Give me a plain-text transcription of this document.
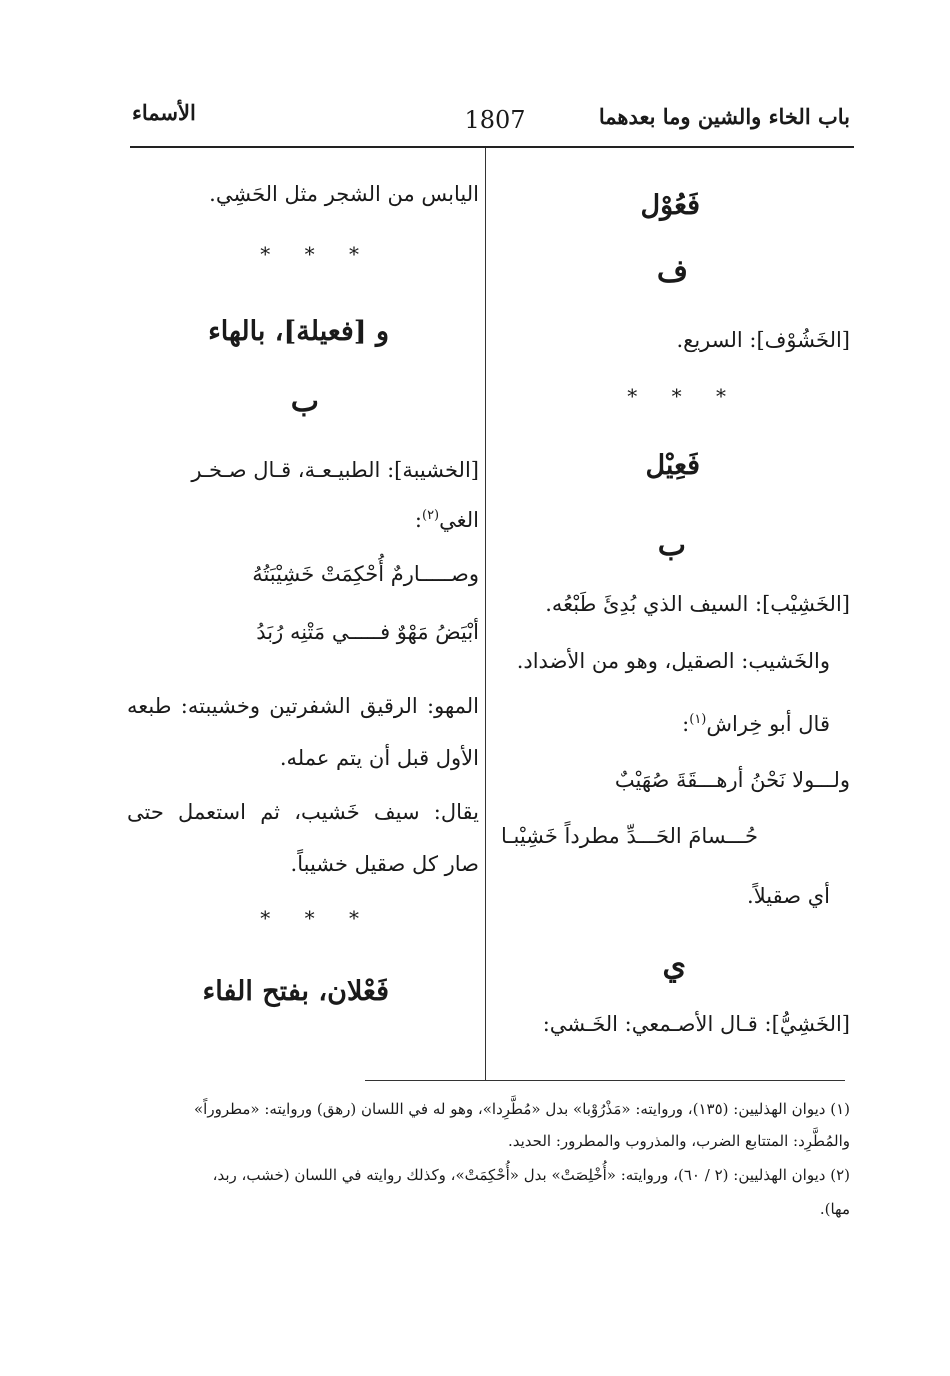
الأسماء	1807	باب الخاء والشين وما بعدهما
فَعُوْل
ف
[الخَشُوْف]: السريع.
* * *
فَعِيْل
ب
[الخَشِيْب]: السيف الذي بُدِئَ طَبْعُه.
والخَشيب: الصقيل، وهو من الأضداد.
قال أبو خِراش$^{(١)}$:
ولـــولا نَحْنُ أرهـــقَةَ صُهَيْبٌ
حُـــسامَ الحَـــدِّ مطرداً خَشِيْبـا
أي صقيلاً.
ي
[الخَشِيُّ]: قـال الأصـمعي: الخَـشي:
اليابس من الشجر مثل الحَشِي.
* * *
و [فعيلة]، بالهاء
ب
[الخشيبة]: الطبيـعـة، قـال صـخـر
الغي$^{(٢)}$:
وصـــــارمٌ أُحْكِمَتْ خَشِيْبَتُهُ
أبْيَضُ مَهْوٌ فـــــي مَتْنِه رُبَدُ
المهو: الرقيق الشفرتين وخشيبته: طبعه الأول قبل أن يتم عمله.
يقال: سيف خَشيب، ثم استعمل حتى صار كل صقيل خشيباً.
* * *
فَعْلان، بفتح الفاء
(١) ديوان الهذليين: (١٣٥)، وروايته: «مَذْرُوْبا» بدل «مُطَّرِدا»، وهو له في اللسان (رهق) وروايته: «مطروراً»
والمُطَّرِد: المتتابع الضرب، والمذروب والمطرور: الحديد.
(٢) ديوان الهذليين: (٢ / ٦٠)، وروايته: «أُخْلِصَتْ» بدل «أُحْكِمَتْ»، وكذلك روايته في اللسان (خشب، ربد،
مها).
